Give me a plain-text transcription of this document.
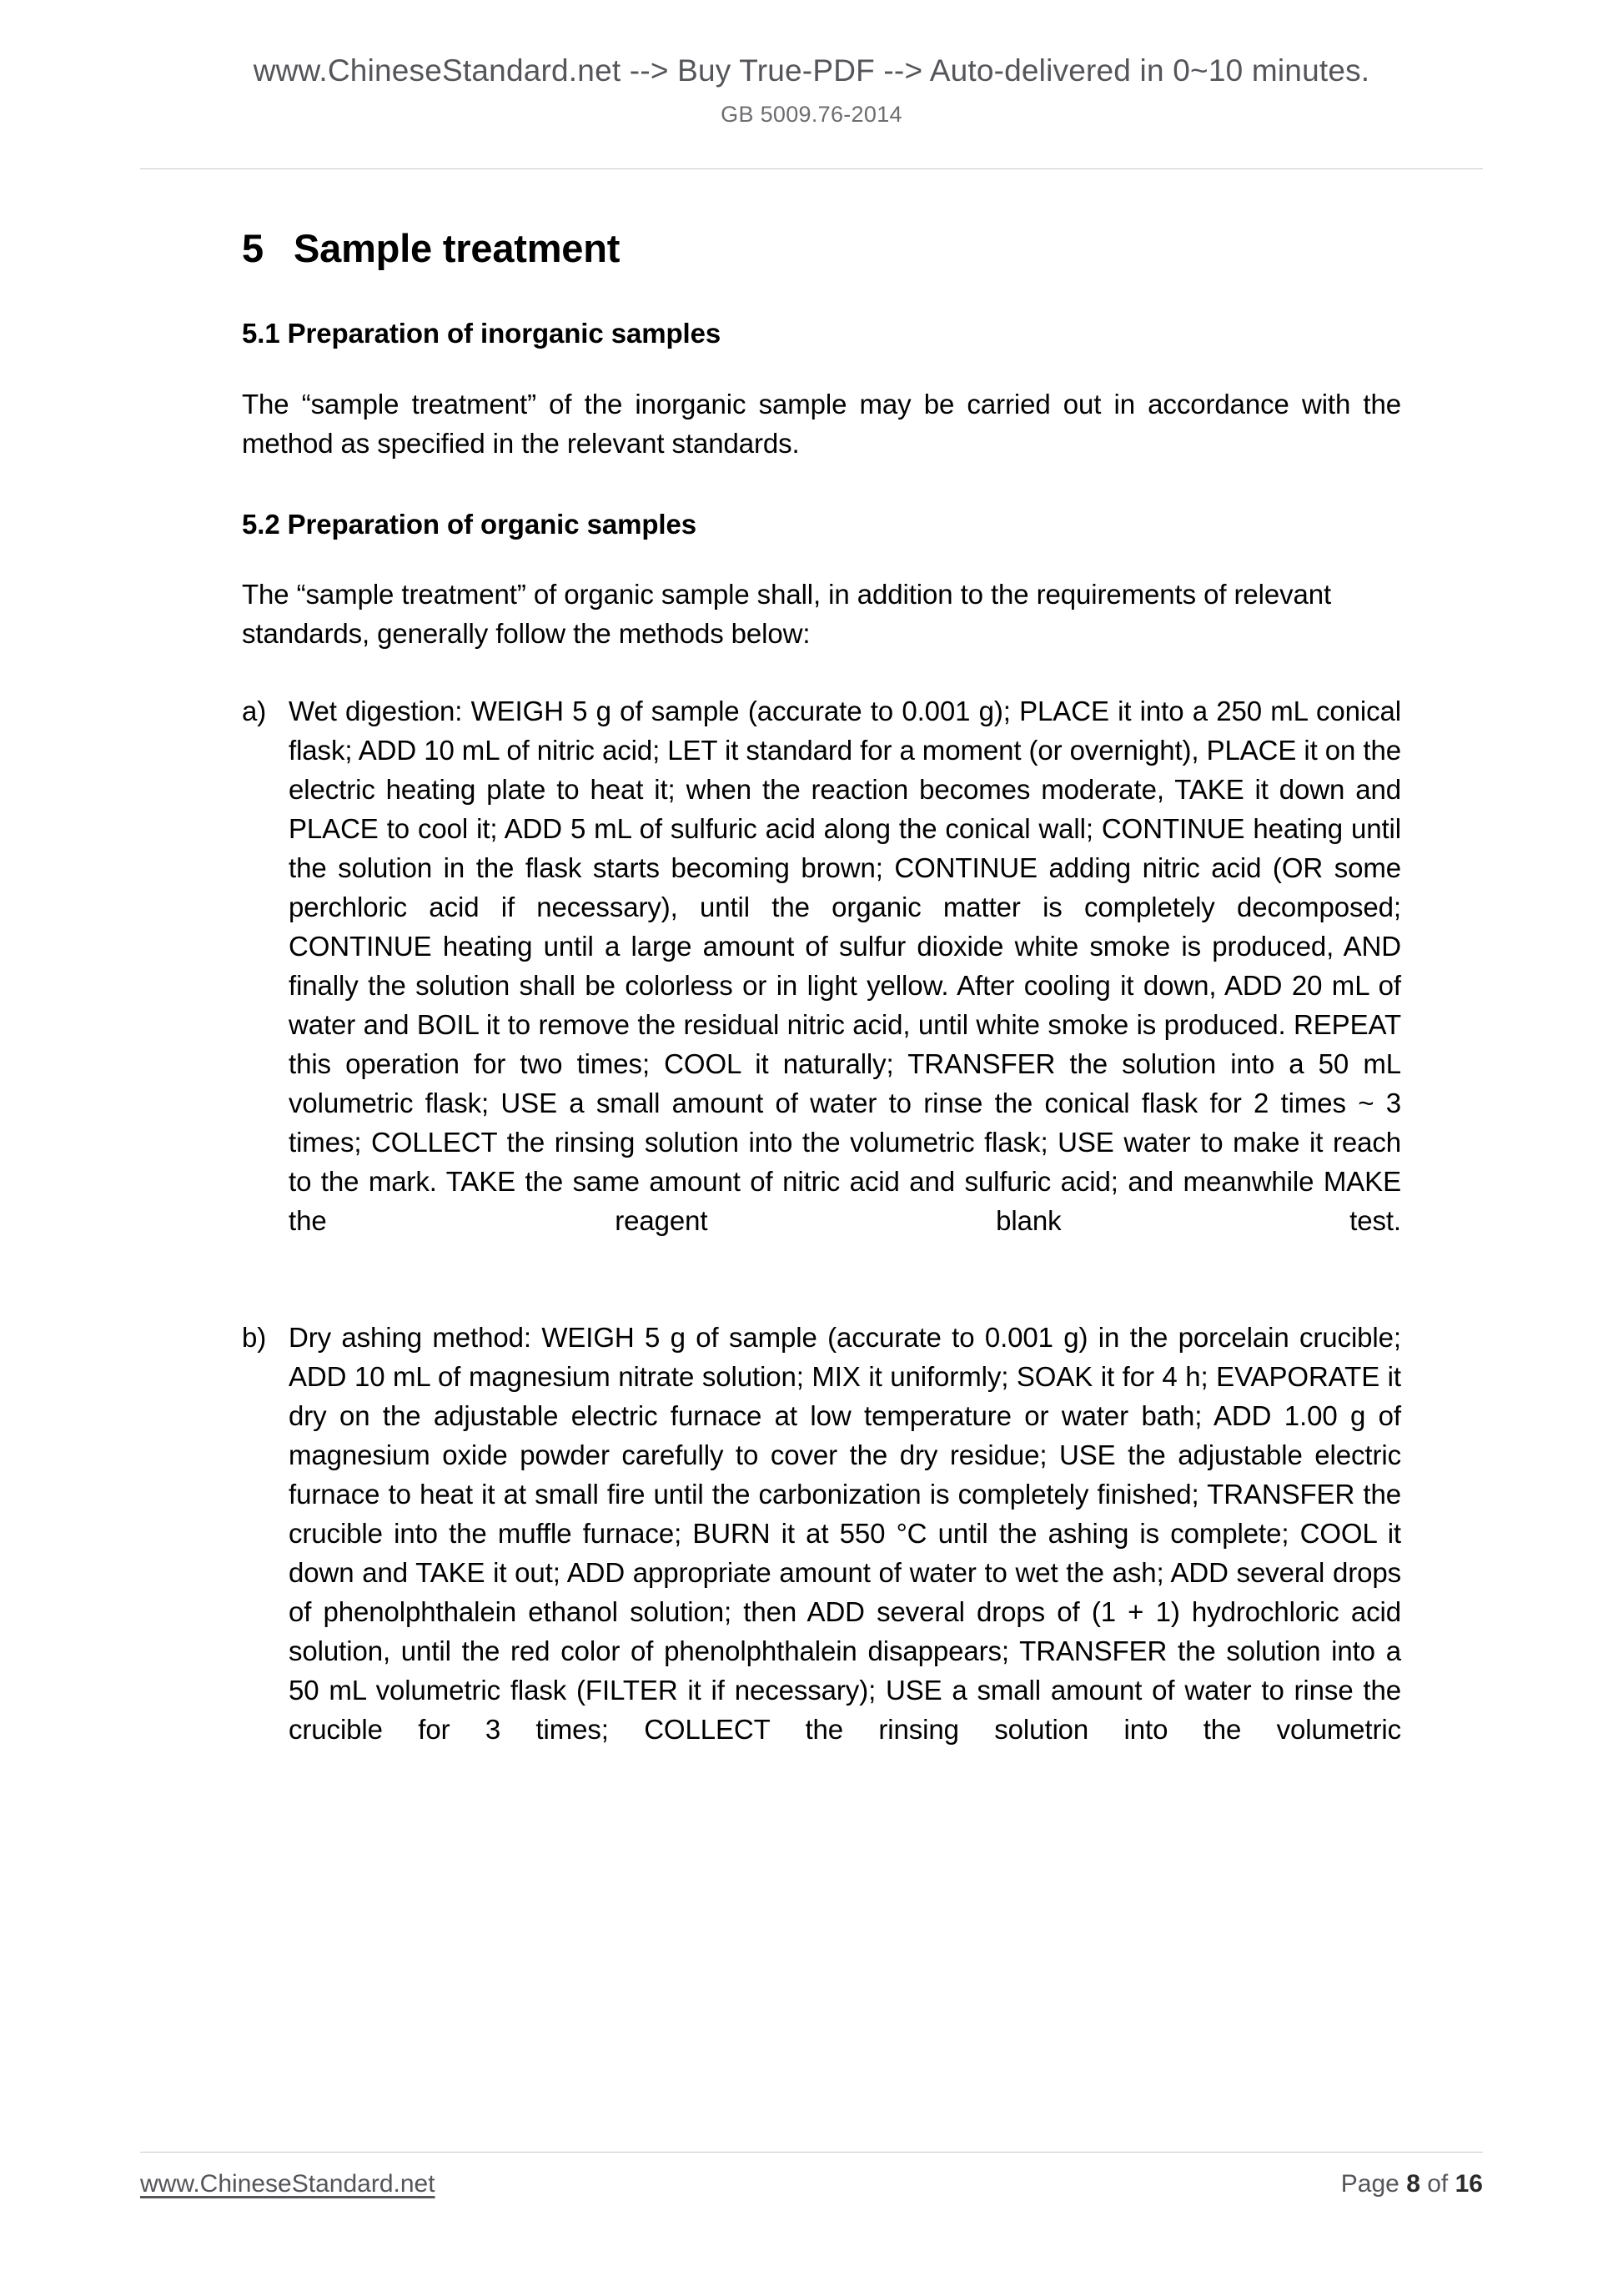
www.ChineseStandard.net --> Buy True-PDF --> Auto-delivered in 0~10 minutes.
GB 5009.76-2014
5 Sample treatment
5.1 Preparation of inorganic samples

The “sample treatment” of the inorganic sample may be carried out in accordance with the method as specified in the relevant standards.

5.2 Preparation of organic samples

The “sample treatment” of organic sample shall, in addition to the requirements of relevant standards, generally follow the methods below:

a) Wet digestion: WEIGH 5 g of sample (accurate to 0.001 g); PLACE it into a 250 mL conical flask; ADD 10 mL of nitric acid; LET it standard for a moment (or overnight), PLACE it on the electric heating plate to heat it; when the reaction becomes moderate, TAKE it down and PLACE to cool it; ADD 5 mL of sulfuric acid along the conical wall; CONTINUE heating until the solution in the flask starts becoming brown; CONTINUE adding nitric acid (OR some perchloric acid if necessary), until the organic matter is completely decomposed; CONTINUE heating until a large amount of sulfur dioxide white smoke is produced, AND finally the solution shall be colorless or in light yellow. After cooling it down, ADD 20 mL of water and BOIL it to remove the residual nitric acid, until white smoke is produced. REPEAT this operation for two times; COOL it naturally; TRANSFER the solution into a 50 mL volumetric flask; USE a small amount of water to rinse the conical flask for 2 times ~ 3 times; COLLECT the rinsing solution into the volumetric flask; USE water to make it reach to the mark. TAKE the same amount of nitric acid and sulfuric acid; and meanwhile MAKE the reagent blank test.
b) Dry ashing method: WEIGH 5 g of sample (accurate to 0.001 g) in the porcelain crucible; ADD 10 mL of magnesium nitrate solution; MIX it uniformly; SOAK it for 4 h; EVAPORATE it dry on the adjustable electric furnace at low temperature or water bath; ADD 1.00 g of magnesium oxide powder carefully to cover the dry residue; USE the adjustable electric furnace to heat it at small fire until the carbonization is completely finished; TRANSFER the crucible into the muffle furnace; BURN it at 550 °C until the ashing is complete; COOL it down and TAKE it out; ADD appropriate amount of water to wet the ash; ADD several drops of phenolphthalein ethanol solution; then ADD several drops of (1 + 1) hydrochloric acid solution, until the red color of phenolphthalein disappears; TRANSFER the solution into a 50 mL volumetric flask (FILTER it if necessary); USE a small amount of water to rinse the crucible for 3 times; COLLECT the rinsing solution into the volumetric
www.ChineseStandard.net	Page 8 of 16
